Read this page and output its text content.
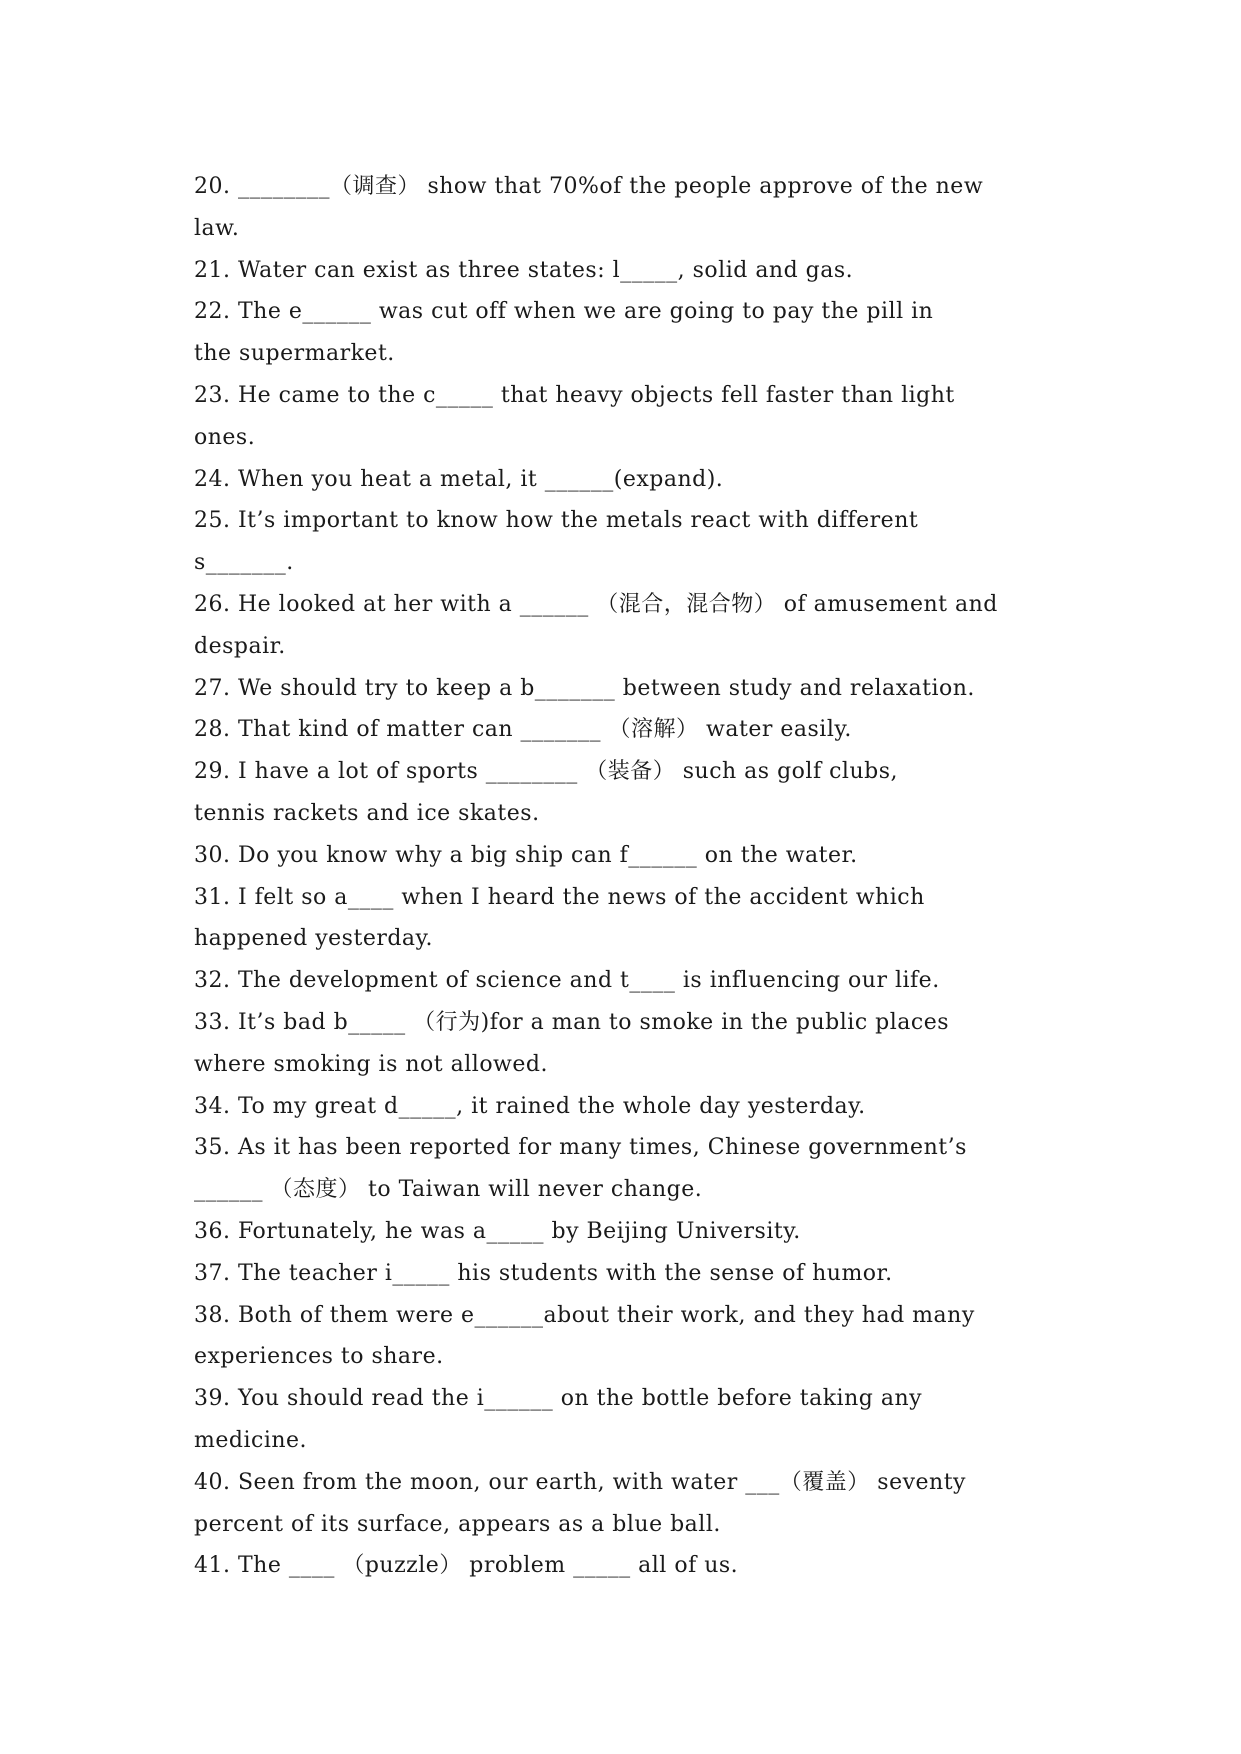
20. ________（调查） show that 70%of the people approve of the new
law.
21. Water can exist as three states: l_____, solid and gas.
22. The e______ was cut off when we are going to pay the pill in
the supermarket.
23. He came to the c_____ that heavy objects fell faster than light
ones.
24. When you heat a metal, it ______(expand).
25. It’s important to know how the metals react with different
s_______.
26. He looked at her with a ______ （混合，混合物） of amusement and
despair.
27. We should try to keep a b_______ between study and relaxation.
28. That kind of matter can _______ （溶解） water easily.
29. I have a lot of sports ________ （装备） such as golf clubs,
tennis rackets and ice skates.
30. Do you know why a big ship can f______ on the water.
31. I felt so a____ when I heard the news of the accident which
happened yesterday.
32. The development of science and t____ is influencing our life.
33. It’s bad b_____ （行为)for a man to smoke in the public places
where smoking is not allowed.
34. To my great d_____, it rained the whole day yesterday.
35. As it has been reported for many times, Chinese government’s
______ （态度） to Taiwan will never change.
36. Fortunately, he was a_____ by Beijing University.
37. The teacher i_____ his students with the sense of humor.
38. Both of them were e______about their work, and they had many
experiences to share.
39. You should read the i______ on the bottle before taking any
medicine.
40. Seen from the moon, our earth, with water ___（覆盖） seventy
percent of its surface, appears as a blue ball.
41. The ____ （puzzle） problem _____ all of us.
